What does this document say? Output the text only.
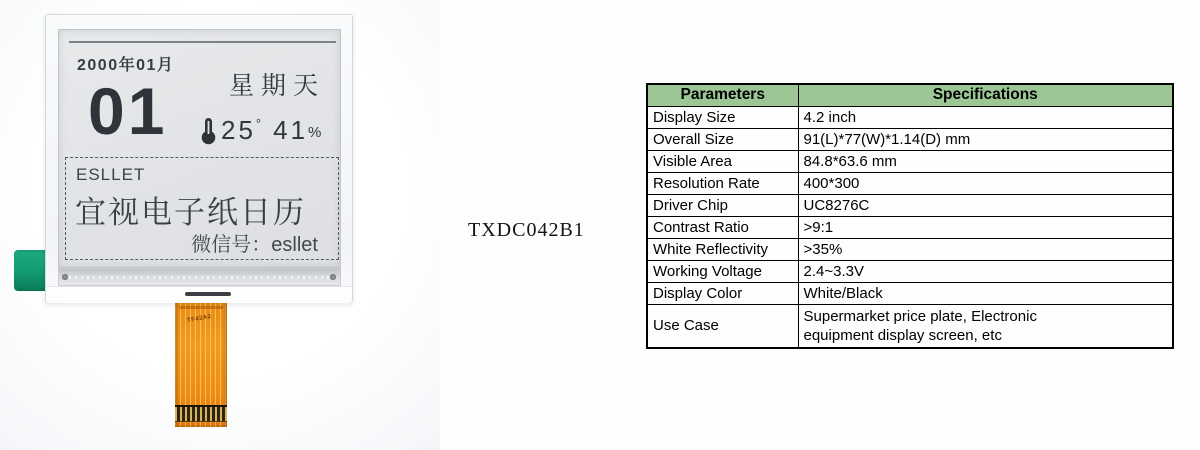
TF42A2
2000年01月
星期天
01 25 ° 41 %
ESLLET
宜视电子纸日历
微信号：esllet
TXDC042B1
Parameters	Specifications
Display Size	4.2 inch
Overall Size	91(L)*77(W)*1.14(D) mm
Visible Area	84.8*63.6 mm
Resolution Rate	400*300
Driver Chip	UC8276C
Contrast Ratio	>9:1
White Reflectivity	>35%
Working Voltage	2.4~3.3V
Display Color	White/Black
Use Case	Supermarket price plate, Electronic equipment display screen, etc
